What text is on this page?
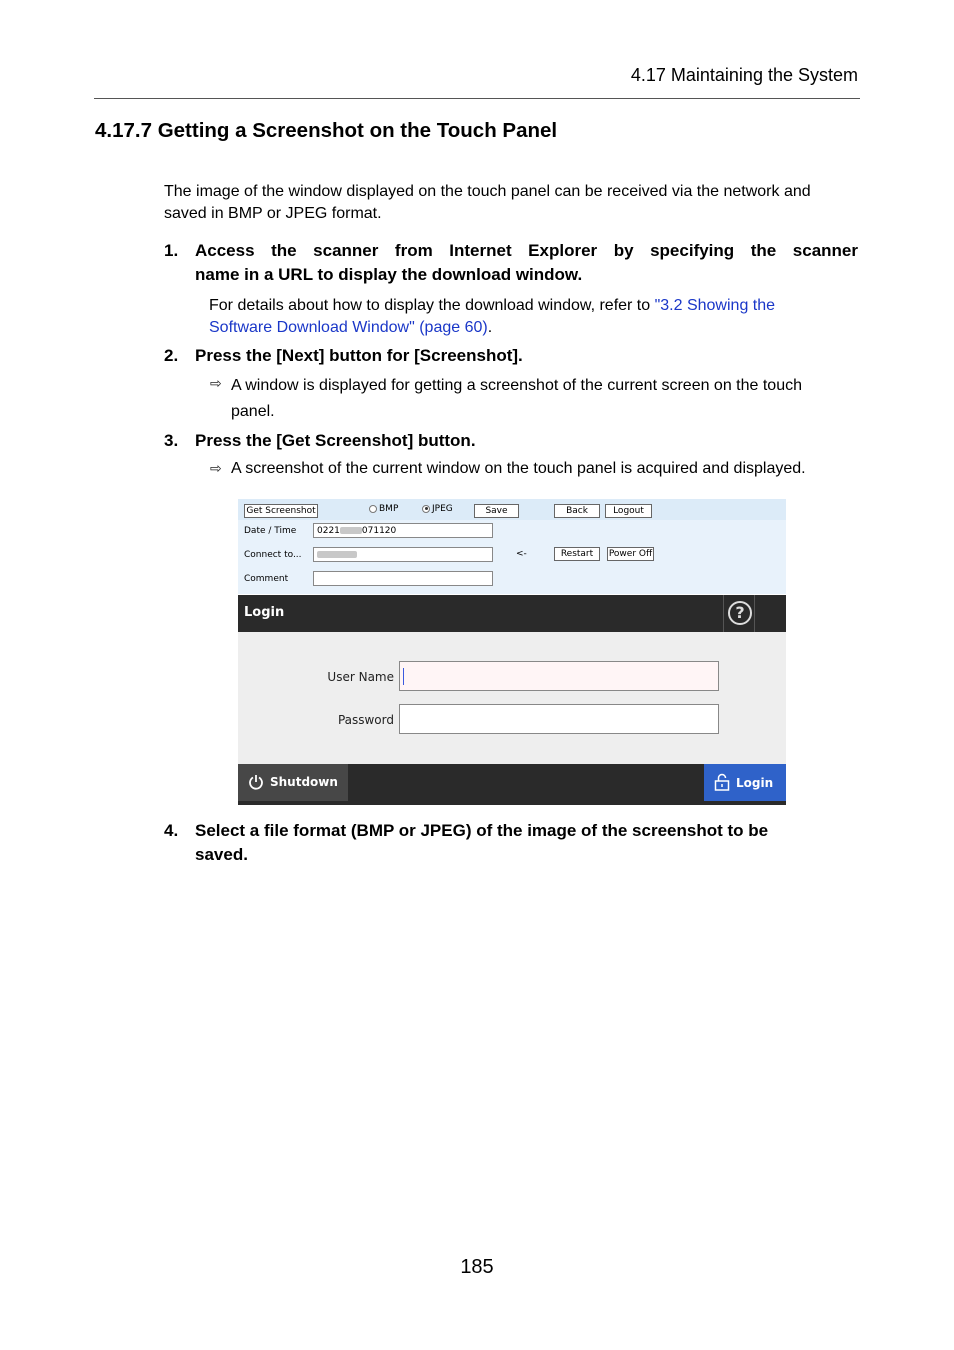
4.17 Maintaining the System
4.17.7 Getting a Screenshot on the Touch Panel
The image of the window displayed on the touch panel can be received via the network and saved in BMP or JPEG format.
1. Access the scanner from Internet Explorer by specifying the scanner
name in a URL to display the download window.
For details about how to display the download window, refer to "3.2 Showing the
Software Download Window" (page 60).
2. Press the [Next] button for [Screenshot].
⇨ A window is displayed for getting a screenshot of the current screen on the touch
panel.
3. Press the [Get Screenshot] button.
⇨ A screenshot of the current window on the touch panel is acquired and displayed.
Get Screenshot	BMP	JPEG	Save	Back	Logout
Date / Time	0221 071120
Connect to...	<-	Restart	Power Off
Comment
Login	?
User Name
Password
Shutdown	Login
4. Select a file format (BMP or JPEG) of the image of the screenshot to be
saved.
185
